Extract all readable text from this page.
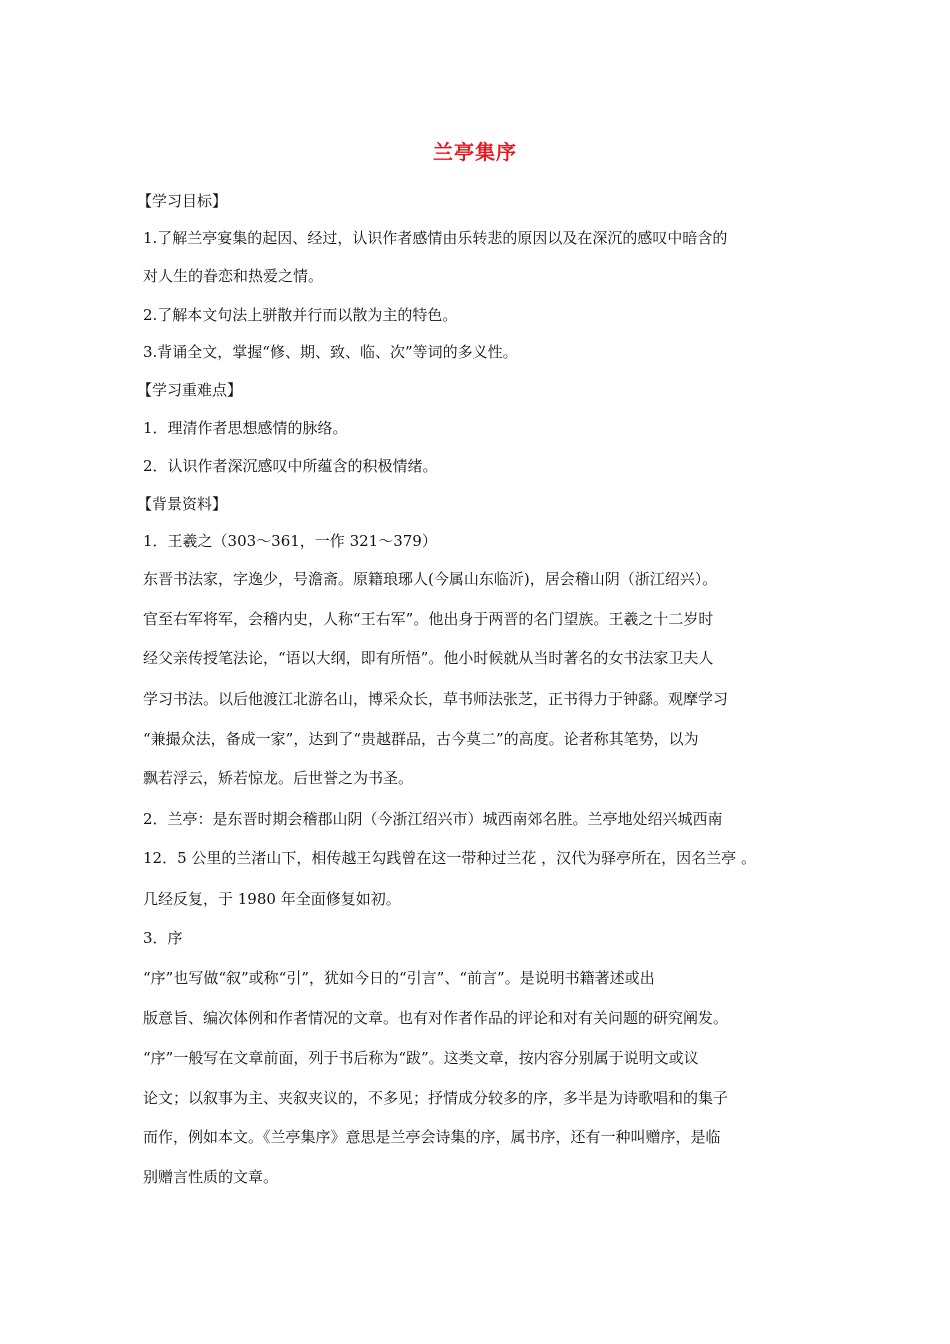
兰亭集序
【学习目标】
1.了解兰亭宴集的起因、经过，认识作者感情由乐转悲的原因以及在深沉的感叹中暗含的
对人生的眷恋和热爱之情。
2.了解本文句法上骈散并行而以散为主的特色。
3.背诵全文，掌握“修、期、致、临、次”等词的多义性。
【学习重难点】
1．理清作者思想感情的脉络。
2．认识作者深沉感叹中所蕴含的积极情绪。
【背景资料】
1．王羲之（303～361，一作 321～379）
东晋书法家，字逸少，号澹斋。原籍琅琊人(今属山东临沂)，居会稽山阴（浙江绍兴）。
官至右军将军，会稽内史，人称“王右军”。他出身于两晋的名门望族。王羲之十二岁时
经父亲传授笔法论，“语以大纲，即有所悟”。他小时候就从当时著名的女书法家卫夫人
学习书法。以后他渡江北游名山，博采众长，草书师法张芝，正书得力于钟繇。观摩学习
“兼撮众法，备成一家”，达到了“贵越群品，古今莫二”的高度。论者称其笔势，以为
飘若浮云，矫若惊龙。后世誉之为书圣。
2．兰亭：是东晋时期会稽郡山阴（今浙江绍兴市）城西南郊名胜。兰亭地处绍兴城西南
12．5 公里的兰渚山下，相传越王勾践曾在这一带种过兰花 ，汉代为驿亭所在，因名兰亭 。
几经反复，于 1980 年全面修复如初。
3．序
“序”也写做“叙”或称“引”，犹如今日的“引言”、“前言”。是说明书籍著述或出
版意旨、编次体例和作者情况的文章。也有对作者作品的评论和对有关问题的研究阐发。
“序”一般写在文章前面，列于书后称为“跋”。这类文章，按内容分别属于说明文或议
论文；以叙事为主、夹叙夹议的，不多见；抒情成分较多的序，多半是为诗歌唱和的集子
而作，例如本文。《兰亭集序》意思是兰亭会诗集的序，属书序，还有一种叫赠序，是临
别赠言性质的文章。
